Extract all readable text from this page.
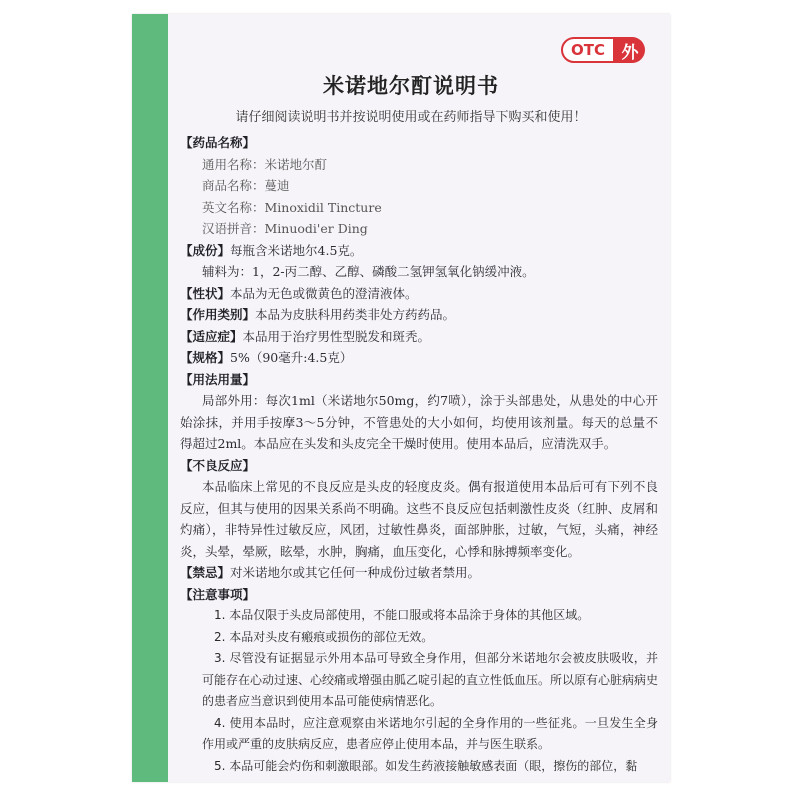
OTC 外
米诺地尔酊说明书
请仔细阅读说明书并按说明使用或在药师指导下购买和使用！
【药品名称】
通用名称：米诺地尔酊
商品名称：蔓迪
英文名称：Minoxidil Tincture
汉语拼音：Minuodi'er Ding
【成份】每瓶含米诺地尔4.5克。
辅料为：1，2-丙二醇、乙醇、磷酸二氢钾氢氧化钠缓冲液。
【性状】本品为无色或微黄色的澄清液体。
【作用类别】本品为皮肤科用药类非处方药药品。
【适应症】本品用于治疗男性型脱发和斑秃。
【规格】5%（90毫升:4.5克）
【用法用量】
局部外用：每次1ml（米诺地尔50mg，约7喷），涂于头部患处，从患处的中心开始涂抹，并用手按摩3～5分钟，不管患处的大小如何，均使用该剂量。每天的总量不得超过2ml。本品应在头发和头皮完全干燥时使用。使用本品后，应清洗双手。
【不良反应】
本品临床上常见的不良反应是头皮的轻度皮炎。偶有报道使用本品后可有下列不良反应，但其与使用的因果关系尚不明确。这些不良反应包括刺激性皮炎（红肿、皮屑和灼痛），非特异性过敏反应，风团，过敏性鼻炎，面部肿胀，过敏，气短，头痛，神经炎，头晕，晕厥，眩晕，水肿，胸痛，血压变化，心悸和脉搏频率变化。
【禁忌】对米诺地尔或其它任何一种成份过敏者禁用。
【注意事项】
1. 本品仅限于头皮局部使用，不能口服或将本品涂于身体的其他区域。
2. 本品对头皮有瘢痕或损伤的部位无效。
3. 尽管没有证据显示外用本品可导致全身作用，但部分米诺地尔会被皮肤吸收，并可能存在心动过速、心绞痛或增强由胍乙啶引起的直立性低血压。所以原有心脏病病史的患者应当意识到使用本品可能使病情恶化。
4. 使用本品时，应注意观察由米诺地尔引起的全身作用的一些征兆。一旦发生全身作用或严重的皮肤病反应，患者应停止使用本品，并与医生联系。
5. 本品可能会灼伤和刺激眼部。如发生药液接触敏感表面（眼，擦伤的部位，黏
